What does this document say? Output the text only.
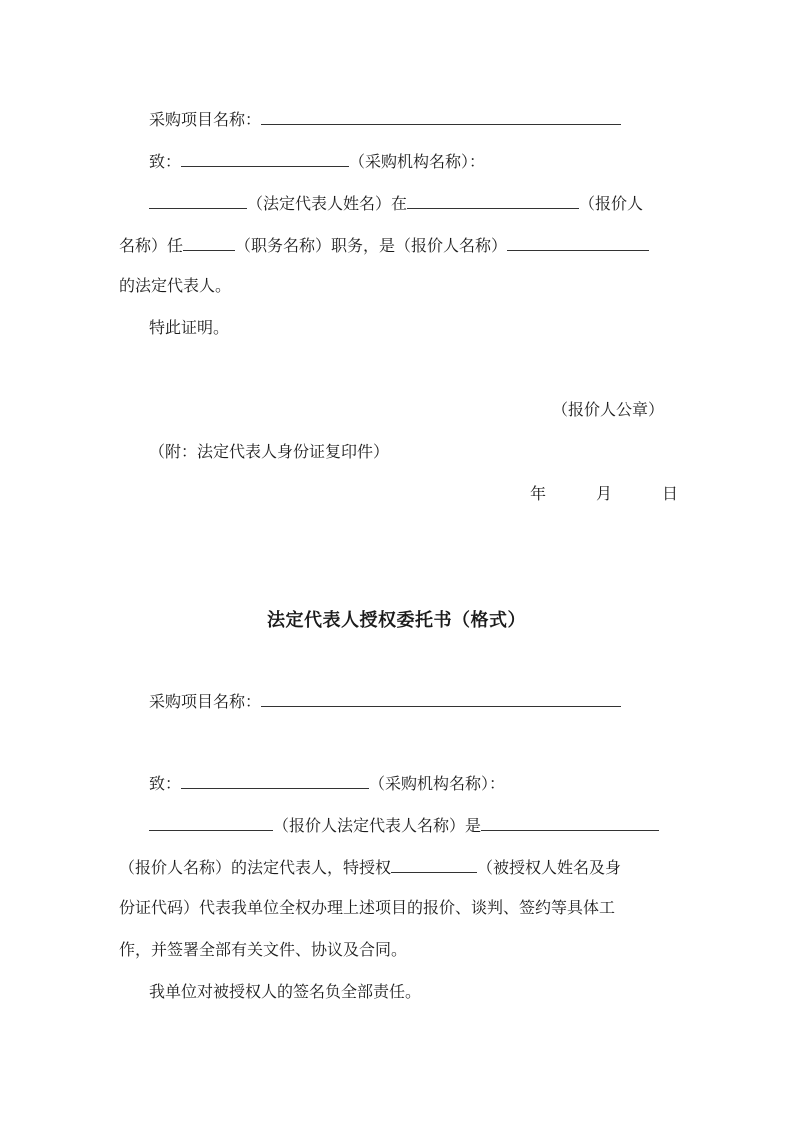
采购项目名称：
致：	（采购机构名称）：
（法定代表人姓名）在	（报价人
名称）任	（职务名称）职务，是（报价人名称）
的法定代表人。
特此证明。
（报价人公章）
（附：法定代表人身份证复印件）
年	月	日
法定代表人授权委托书（格式）
采购项目名称：
致：	（采购机构名称）：
（报价人法定代表人名称）是
（报价人名称）的法定代表人，特授权	（被授权人姓名及身
份证代码）代表我单位全权办理上述项目的报价、谈判、签约等具体工
作，并签署全部有关文件、协议及合同。
我单位对被授权人的签名负全部责任。
